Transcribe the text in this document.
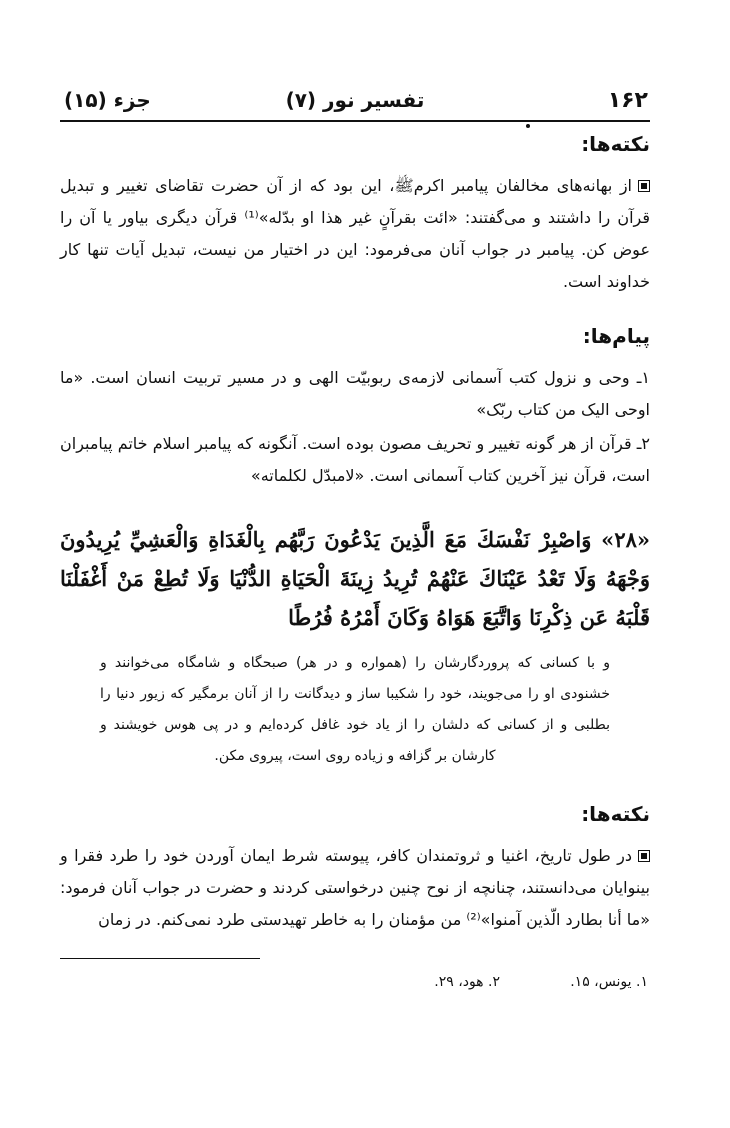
۱۶۲
تفسیر نور (۷)
جزء (۱۵)
نکته‌ها:
از بهانه‌های مخالفان پیامبر اکرمﷺ، این بود که از آن حضرت تقاضای تغییر و تبدیل قرآن را داشتند و می‌گفتند: «ائت بقرآنٍ غیر هذا او بدّله»⁽¹⁾ قرآن دیگری بیاور یا آن را عوض کن. پیامبر در جواب آنان می‌فرمود: این در اختیار من نیست، تبدیل آیات تنها کار خداوند است.
پیام‌ها:
۱ـ وحی و نزول کتب آسمانی لازمه‌ی ربوبیّت الهی و در مسیر تربیت انسان است. «ما اوحی الیک من کتاب ربّک»
۲ـ قرآن از هر گونه تغییر و تحریف مصون بوده است. آنگونه که پیامبر اسلام خاتم پیامبران است، قرآن نیز آخرین کتاب آسمانی است. «لامبدّل لکلماته»
«۲۸» وَاصْبِرْ نَفْسَكَ مَعَ الَّذِينَ يَدْعُونَ رَبَّهُم بِالْغَدَاةِ وَالْعَشِيِّ يُرِيدُونَ وَجْهَهُ وَلَا تَعْدُ عَيْنَاكَ عَنْهُمْ تُرِيدُ زِينَةَ الْحَيَاةِ الدُّنْيَا وَلَا تُطِعْ مَنْ أَغْفَلْنَا قَلْبَهُ عَن ذِكْرِنَا وَاتَّبَعَ هَوَاهُ وَكَانَ أَمْرُهُ فُرُطًا
و با کسانی که پروردگارشان را (همواره و در هر) صبحگاه و شامگاه می‌خوانند و خشنودی او را می‌جویند، خود را شکیبا ساز و دیدگانت را از آنان برمگیر که زیور دنیا را بطلبی و از کسانی که دلشان را از یاد خود غافل کرده‌ایم و در پی هوس خویشند و کارشان بر گزافه و زیاده روی است، پیروی مکن.
نکته‌ها:
در طول تاریخ، اغنیا و ثروتمندان کافر، پیوسته شرط ایمان آوردن خود را طرد فقرا و بینوایان می‌دانستند، چنانچه از نوح چنین درخواستی کردند و حضرت در جواب آنان فرمود: «ما أنا بطارد الّذین آمنوا»⁽²⁾ من مؤمنان را به خاطر تهیدستی طرد نمی‌کنم. در زمان
۱. یونس، ۱۵.
۲. هود، ۲۹.
